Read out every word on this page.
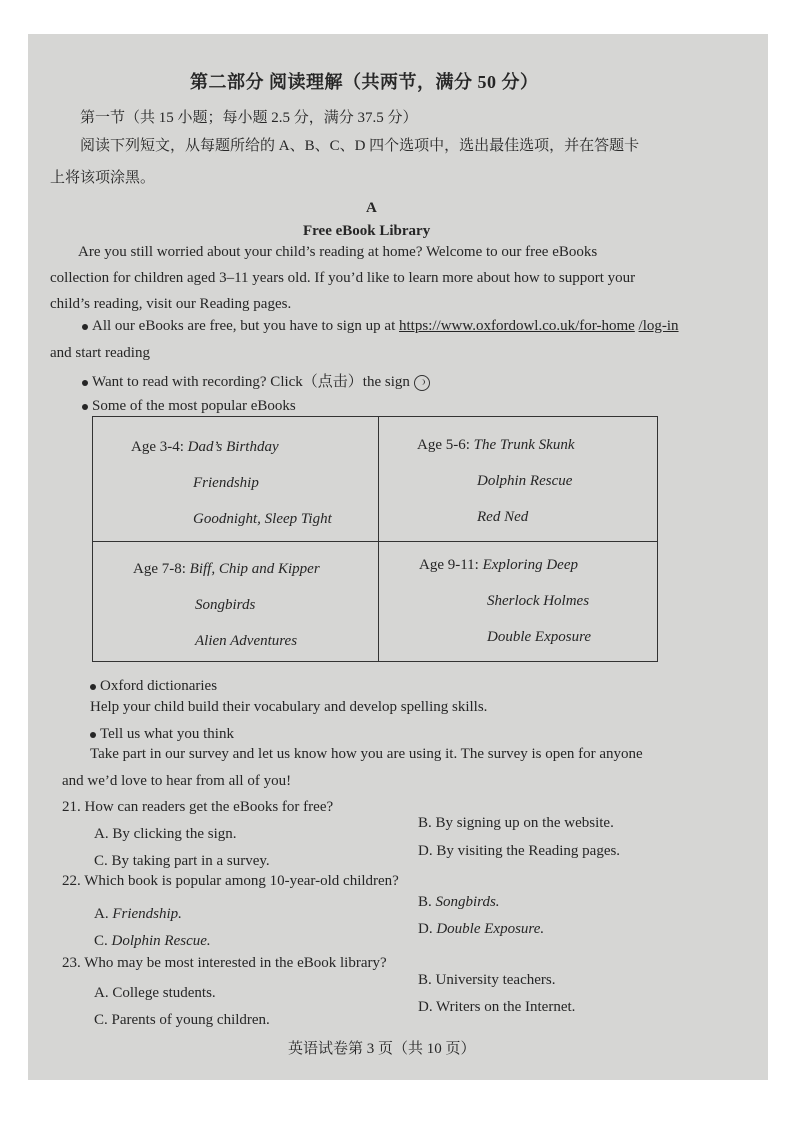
第二部分 阅读理解（共两节，满分 50 分）
第一节（共 15 小题；每小题 2.5 分，满分 37.5 分）
阅读下列短文，从每题所给的 A、B、C、D 四个选项中，选出最佳选项，并在答题卡
上将该项涂黑。
A
Free eBook Library
Are you still worried about your child’s reading at home? Welcome to our free eBooks
collection for children aged 3–11 years old. If you’d like to learn more about how to support your
child’s reading, visit our Reading pages.
All our eBooks are free, but you have to sign up at https://www.oxfordowl.co.uk/for-home /log-in
and start reading
Want to read with recording? Click（点击）the sign
Some of the most popular eBooks
Age 3-4: Dad’s Birthday
Friendship
Goodnight, Sleep Tight
Age 5-6: The Trunk Skunk
Dolphin Rescue
Red Ned
Age 7-8: Biff, Chip and Kipper
Songbirds
Alien Adventures
Age 9-11: Exploring Deep
Sherlock Holmes
Double Exposure
Oxford dictionaries
Help your child build their vocabulary and develop spelling skills.
Tell us what you think
Take part in our survey and let us know how you are using it. The survey is open for anyone
and we’d love to hear from all of you!
21. How can readers get the eBooks for free?
A. By clicking the sign.
B. By signing up on the website.
C. By taking part in a survey.
D. By visiting the Reading pages.
22. Which book is popular among 10-year-old children?
A. Friendship.
B. Songbirds.
C. Dolphin Rescue.
D. Double Exposure.
23. Who may be most interested in the eBook library?
A. College students.
B. University teachers.
C. Parents of young children.
D. Writers on the Internet.
英语试卷第 3 页（共 10 页）
